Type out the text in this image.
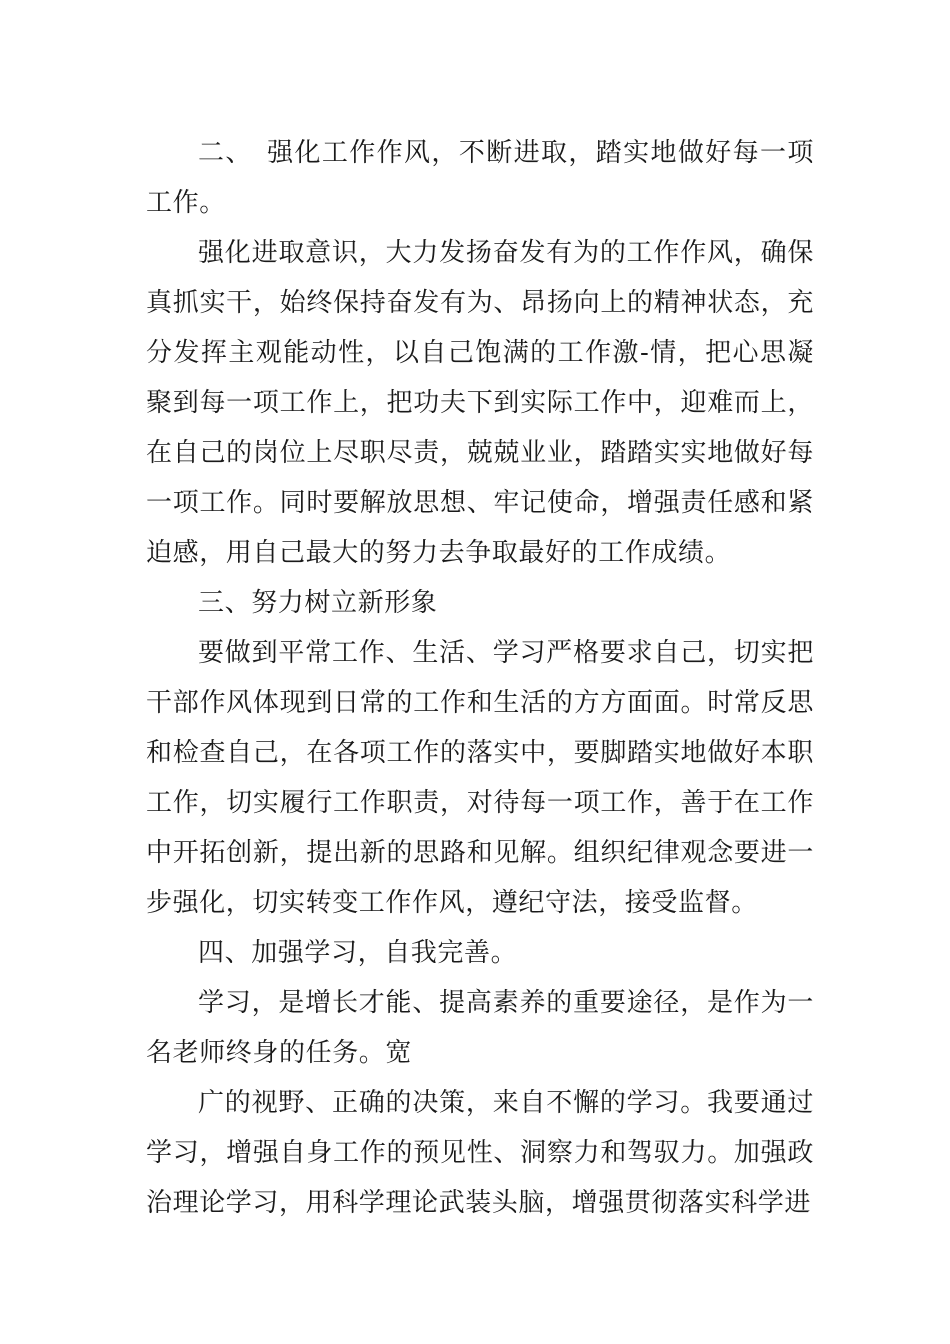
二、　强化工作作风，不断进取，踏实地做好每一项工作。

强化进取意识，大力发扬奋发有为的工作作风，确保真抓实干，始终保持奋发有为、昂扬向上的精神状态，充分发挥主观能动性，以自己饱满的工作激-情，把心思凝聚到每一项工作上，把功夫下到实际工作中，迎难而上，在自己的岗位上尽职尽责，兢兢业业，踏踏实实地做好每一项工作。同时要解放思想、牢记使命，增强责任感和紧迫感，用自己最大的努力去争取最好的工作成绩。

三、努力树立新形象

要做到平常工作、生活、学习严格要求自己，切实把干部作风体现到日常的工作和生活的方方面面。时常反思和检查自己，在各项工作的落实中，要脚踏实地做好本职工作，切实履行工作职责，对待每一项工作，善于在工作中开拓创新，提出新的思路和见解。组织纪律观念要进一步强化，切实转变工作作风，遵纪守法，接受监督。

四、加强学习，自我完善。

学习，是增长才能、提高素养的重要途径，是作为一名老师终身的任务。宽

广的视野、正确的决策，来自不懈的学习。我要通过学习，增强自身工作的预见性、洞察力和驾驭力。加强政治理论学习，用科学理论武装头脑，增强贯彻落实科学进
